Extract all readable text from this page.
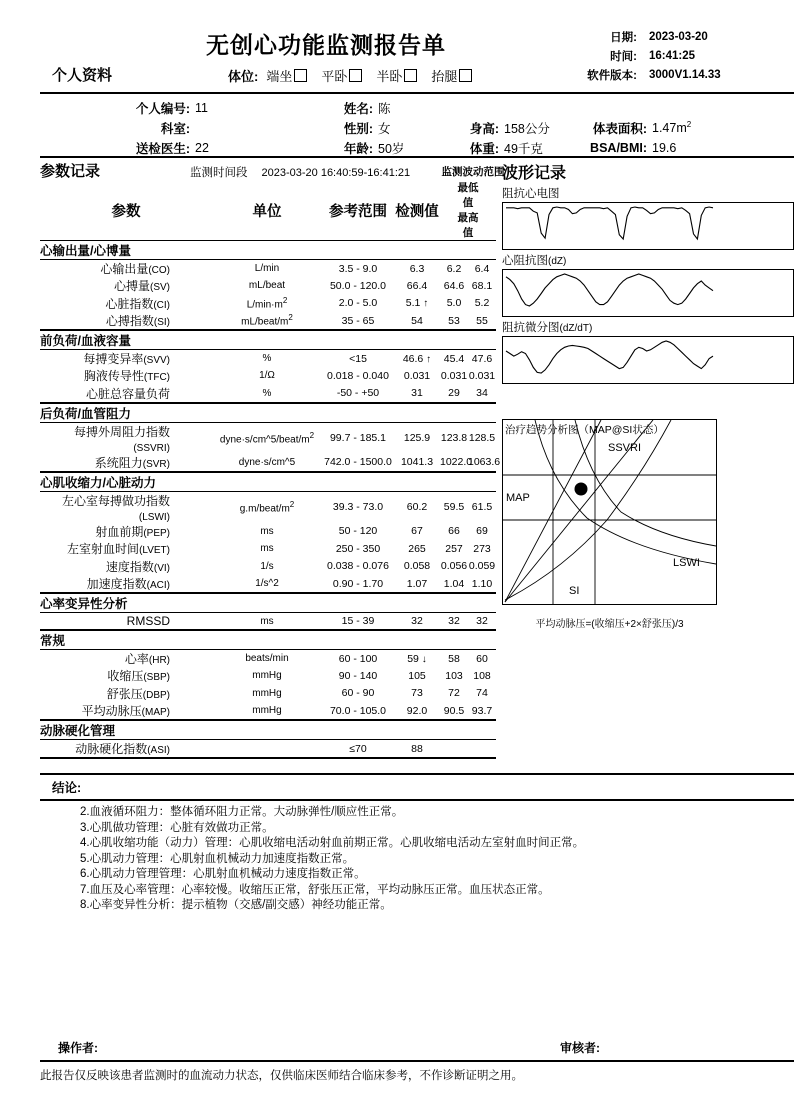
无创心功能监测报告单	日期:	2023-03-20
时间:	16:41:25
软件版本:	3000V1.14.33
个人资料	体位: 端坐 平卧 半卧 抬腿
个人编号: 11	姓名: 陈
科室:	性别: 女	身高: 158公分	体表面积: $1.47m^2$
送检医生: 22	年龄: 50岁	体重: 49千克	BSA/BMI: 19.6
参数记录	监测时间段 2023-03-20 16:40:59-16:41:21
参数	单位	参考范围	检测值	监测波动范围
最低值最高值	

心输出量/心博量					
心输出量(CO)	L/min	3.5 - 9.0	6.3	6.2	6.4
心搏量(SV)	mL/beat	50.0 - 120.0	66.4	64.6	68.1
心脏指数(CI)	$L/\min\cdot m^2$	2.0 - 5.0	5.1 ↑	5.0	5.2
心搏指数(SI)	$mL/beat/m^2$	35 - 65	54	53	55
前负荷/血液容量					
每搏变异率(SVV)	%	<15	46.6 ↑	45.4	47.6
胸液传导性(TFC)	1/Ω	0.018 - 0.040	0.031	0.031	0.031
心脏总容量负荷	%	-50 - +50	31	29	34
后负荷/血管阻力					
每搏外周阻力指数(SSVRI)	$dyne\cdot s/cm\^{}5/beat/m^2$	99.7 - 185.1	125.9	123.8	128.5
系统阻力(SVR)	dyne·s/cm^5	742.0 - 1500.0	1041.3	1022.0	1063.6
心肌收缩力/心脏动力					
左心室每搏做功指数(LSWI)	$g.m/beat/m^2$	39.3 - 73.0	60.2	59.5	61.5
射血前期(PEP)	ms	50 - 120	67	66	69
左室射血时间(LVET)	ms	250 - 350	265	257	273
速度指数(VI)	1/s	0.038 - 0.076	0.058	0.056	0.059
加速度指数(ACI)	1/s^2	0.90 - 1.70	1.07	1.04	1.10
心率变异性分析					
RMSSD	ms	15 - 39	32	32	32
常规					
心率(HR)	beats/min	60 - 100	59 ↓	58	60
收缩压(SBP)	mmHg	90 - 140	105	103	108
舒张压(DBP)	mmHg	60 - 90	73	72	74
平均动脉压(MAP)	mmHg	70.0 - 105.0	92.0	90.5	93.7
动脉硬化管理					
动脉硬化指数(ASI)		≤70	88		

波形记录
阻抗心电图
心阻抗图(dZ)
阻抗微分图(dZ/dT)
治疗趋势分析图（MAP@SI状态）
SSVRI
MAP
LSWI
SI
平均动脉压=(收缩压+2×舒张压)/3
结论:
2.血液循环阻力：整体循环阻力正常。大动脉弹性/顺应性正常。
3.心肌做功管理：心脏有效做功正常。
4.心肌收缩功能（动力）管理：心肌收缩电活动射血前期正常。心肌收缩电活动左室射血时间正常。
5.心肌动力管理：心肌射血机械动力加速度指数正常。
6.心肌动力管理管理：心肌射血机械动力速度指数正常。
7.血压及心率管理：心率较慢。收缩压正常，舒张压正常，平均动脉压正常。血压状态正常。
8.心率变异性分析：提示植物（交感/副交感）神经功能正常。
操作者:	审核者:
此报告仅反映该患者监测时的血流动力状态，仅供临床医师结合临床参考，不作诊断证明之用。
